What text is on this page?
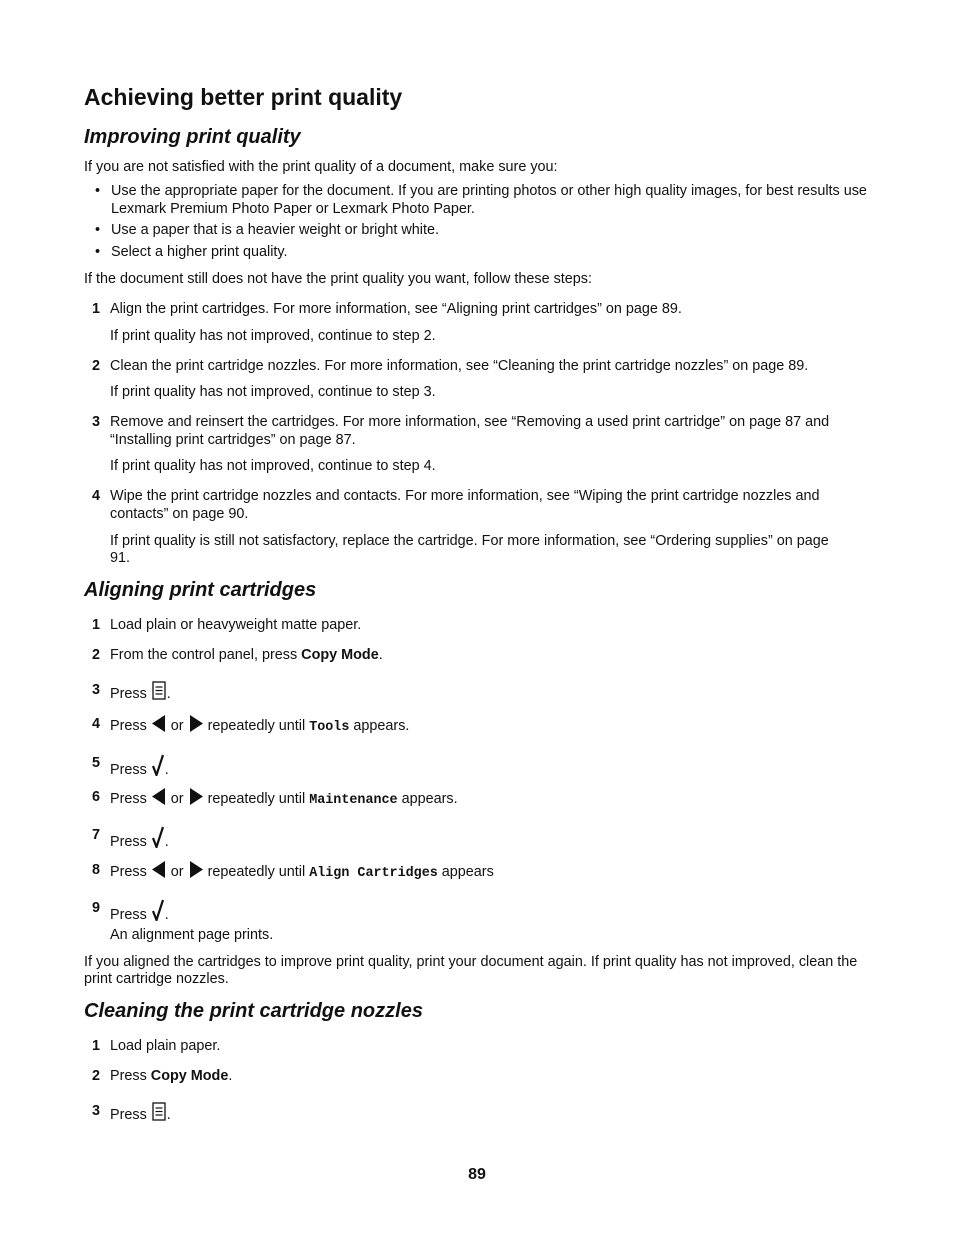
Achieving better print quality
Improving print quality

If you are not satisfied with the print quality of a document, make sure you:

• Use the appropriate paper for the document. If you are printing photos or other high quality images, for best results use Lexmark Premium Photo Paper or Lexmark Photo Paper.
• Use a paper that is a heavier weight or bright white.
• Select a higher print quality.

If the document still does not have the print quality you want, follow these steps:

1 Align the print cartridges. For more information, see “Aligning print cartridges” on page 89.
If print quality has not improved, continue to step 2.
2 Clean the print cartridge nozzles. For more information, see “Cleaning the print cartridge nozzles” on page 89.
If print quality has not improved, continue to step 3.
3 Remove and reinsert the cartridges. For more information, see “Removing a used print cartridge” on page 87 and “Installing print cartridges” on page 87.
If print quality has not improved, continue to step 4.
4 Wipe the print cartridge nozzles and contacts. For more information, see “Wiping the print cartridge nozzles and contacts” on page 90.
If print quality is still not satisfactory, replace the cartridge. For more information, see “Ordering supplies” on page 91.
Aligning print cartridges
1 Load plain or heavyweight matte paper.
2 From the control panel, press Copy Mode.
3 Press .
4 Press  or repeatedly until Tools appears.
5 Press .
6 Press  or repeatedly until Maintenance appears.
7 Press .
8 Press  or repeatedly until Align Cartridges appears
9 Press .
An alignment page prints.

If you aligned the cartridges to improve print quality, print your document again. If print quality has not improved, clean the print cartridge nozzles.

Cleaning the print cartridge nozzles
1 Load plain paper.
2 Press Copy Mode.
3 Press .
89
